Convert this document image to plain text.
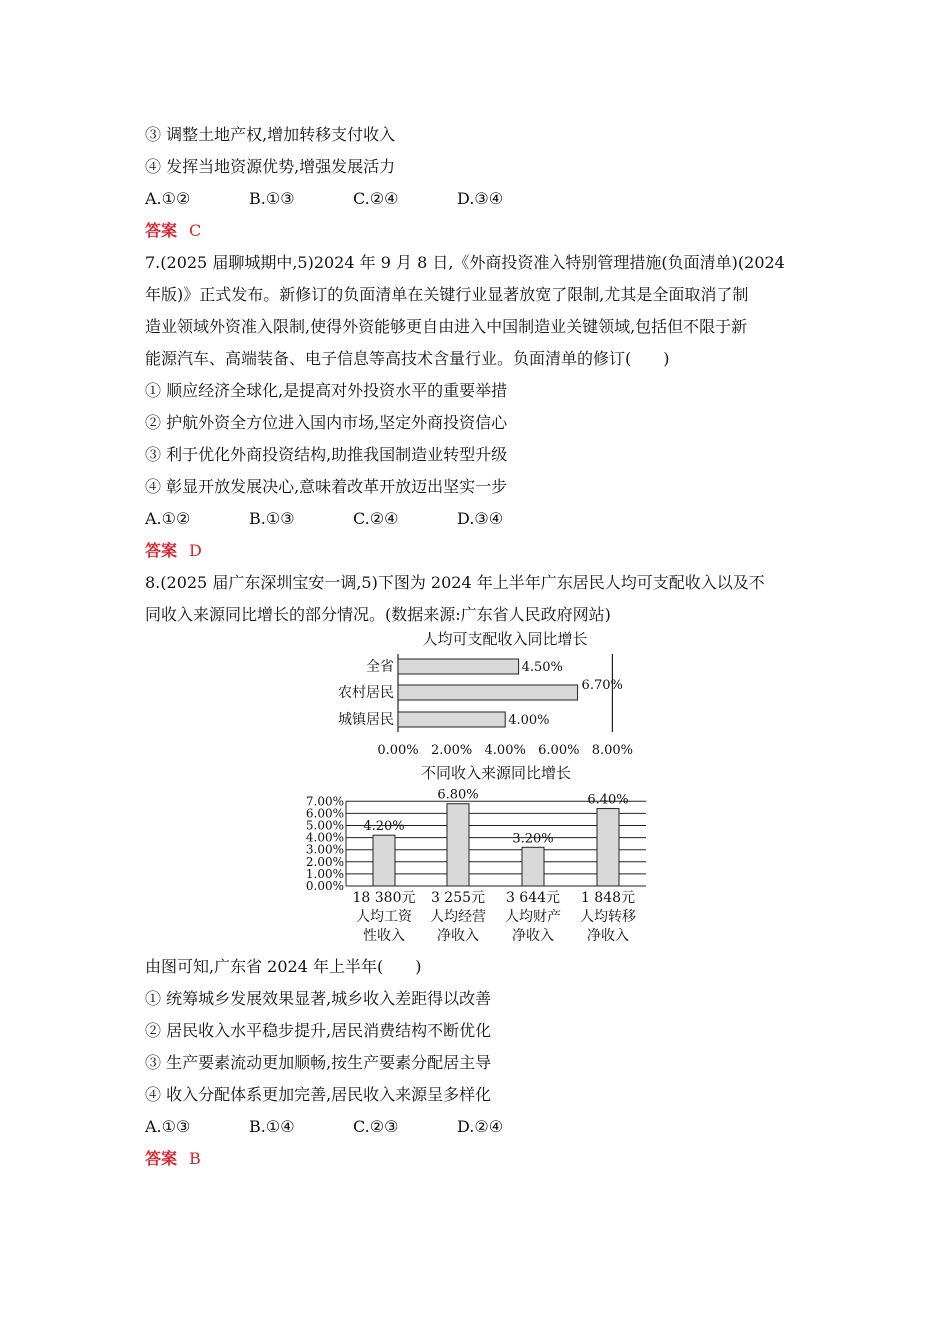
③ 调整土地产权,增加转移支付收入
④ 发挥当地资源优势,增强发展活力
A.①②	B.①③	C.②④	D.③④
答案 C
7.(2025 届聊城期中,5)2024 年 9 月 8 日,《外商投资准入特别管理措施(负面清单)(2024
年版)》正式发布。新修订的负面清单在关键行业显著放宽了限制,尤其是全面取消了制
造业领域外资准入限制,使得外资能够更自由进入中国制造业关键领域,包括但不限于新
能源汽车、高端装备、电子信息等高技术含量行业。负面清单的修订(　　)
① 顺应经济全球化,是提高对外投资水平的重要举措
② 护航外资全方位进入国内市场,坚定外商投资信心
③ 利于优化外商投资结构,助推我国制造业转型升级
④ 彰显开放发展决心,意味着改革开放迈出坚实一步
A.①②	B.①③	C.②④	D.③④
答案 D
8.(2025 届广东深圳宝安一调,5)下图为 2024 年上半年广东居民人均可支配收入以及不
同收入来源同比增长的部分情况。(数据来源:广东省人民政府网站)
人均可支配收入同比增长
0.00% 2.00% 4.00% 6.00% 8.00%
全省	4.50%
农村居民	6.70%
城镇居民	4.00%
不同收入来源同比增长
0.00%
1.00%
2.00%
3.00%
4.00%
5.00%
6.00%
7.00%
4.20%
18 380元
人均工资
性收入
6.80%
3 255元
人均经营
净收入
3.20%
3 644元
人均财产
净收入
6.40%
1 848元
人均转移
净收入
由图可知,广东省 2024 年上半年(　　)
① 统筹城乡发展效果显著,城乡收入差距得以改善
② 居民收入水平稳步提升,居民消费结构不断优化
③ 生产要素流动更加顺畅,按生产要素分配居主导
④ 收入分配体系更加完善,居民收入来源呈多样化
A.①③	B.①④	C.②③	D.②④
答案 B
